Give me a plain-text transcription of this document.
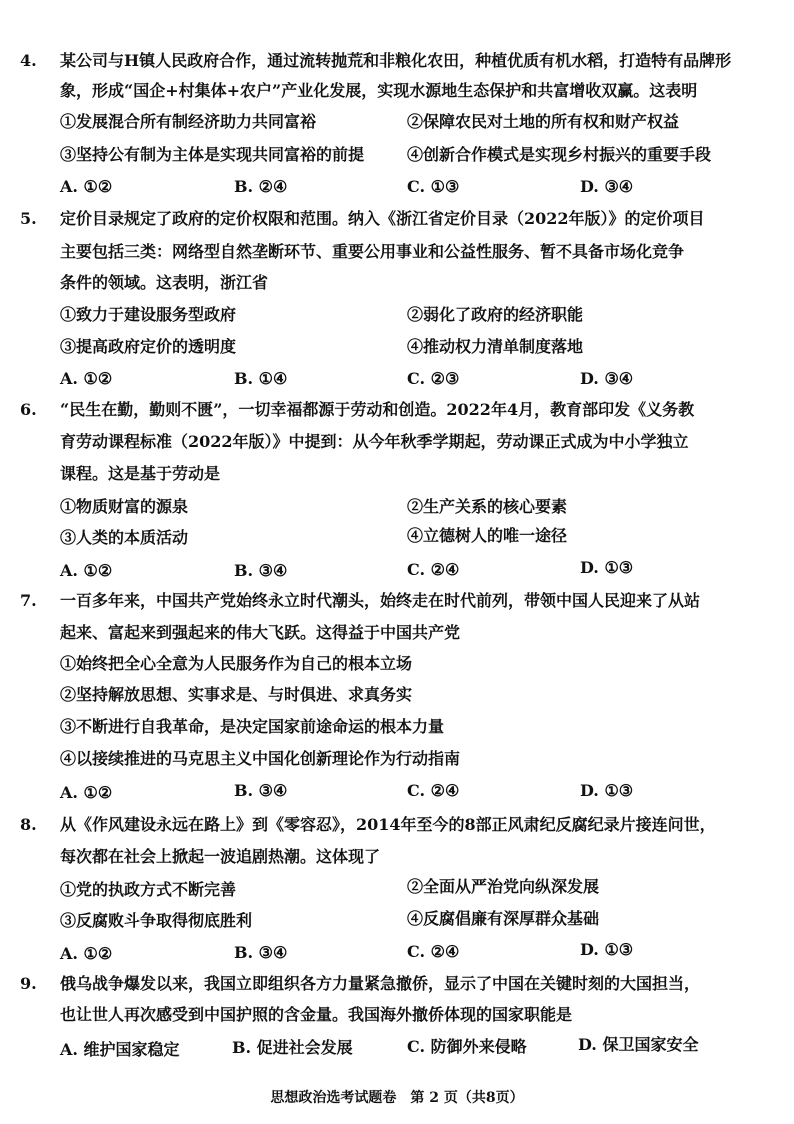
4. 某公司与H镇人民政府合作，通过流转抛荒和非粮化农田，种植优质有机水稻，打造特有品牌形
象，形成“国企+村集体+农户”产业化发展，实现水源地生态保护和共富增收双赢。这表明
①发展混合所有制经济助力共同富裕	②保障农民对土地的所有权和财产权益
③坚持公有制为主体是实现共同富裕的前提	④创新合作模式是实现乡村振兴的重要手段
A. ①②	B. ②④	C. ①③	D. ③④
5. 定价目录规定了政府的定价权限和范围。纳入《浙江省定价目录（2022年版）》的定价项目
主要包括三类：网络型自然垄断环节、重要公用事业和公益性服务、暂不具备市场化竞争
条件的领域。这表明，浙江省
①致力于建设服务型政府	②弱化了政府的经济职能
③提高政府定价的透明度	④推动权力清单制度落地
A. ①②	B. ①④	C. ②③	D. ③④
6. “民生在勤，勤则不匮”，一切幸福都源于劳动和创造。2022年4月，教育部印发《义务教
育劳动课程标准（2022年版）》中提到：从今年秋季学期起，劳动课正式成为中小学独立
课程。这是基于劳动是
①物质财富的源泉	②生产关系的核心要素
③人类的本质活动	④立德树人的唯一途径
A. ①②	B. ③④	C. ②④	D. ①③
7. 一百多年来，中国共产党始终永立时代潮头，始终走在时代前列，带领中国人民迎来了从站
起来、富起来到强起来的伟大飞跃。这得益于中国共产党
①始终把全心全意为人民服务作为自己的根本立场
②坚持解放思想、实事求是、与时俱进、求真务实
③不断进行自我革命，是决定国家前途命运的根本力量
④以接续推进的马克思主义中国化创新理论作为行动指南
A. ①②	B. ③④	C. ②④	D. ①③
8. 从《作风建设永远在路上》到《零容忍》，2014年至今的8部正风肃纪反腐纪录片接连问世，
每次都在社会上掀起一波追剧热潮。这体现了
①党的执政方式不断完善	②全面从严治党向纵深发展
③反腐败斗争取得彻底胜利	④反腐倡廉有深厚群众基础
A. ①②	B. ③④	C. ②④	D. ①③
9. 俄乌战争爆发以来，我国立即组织各方力量紧急撤侨，显示了中国在关键时刻的大国担当，
也让世人再次感受到中国护照的含金量。我国海外撤侨体现的国家职能是
A. 维护国家稳定	B. 促进社会发展	C. 防御外来侵略	D. 保卫国家安全
思想政治选考试题卷　第 2 页（共8页）
